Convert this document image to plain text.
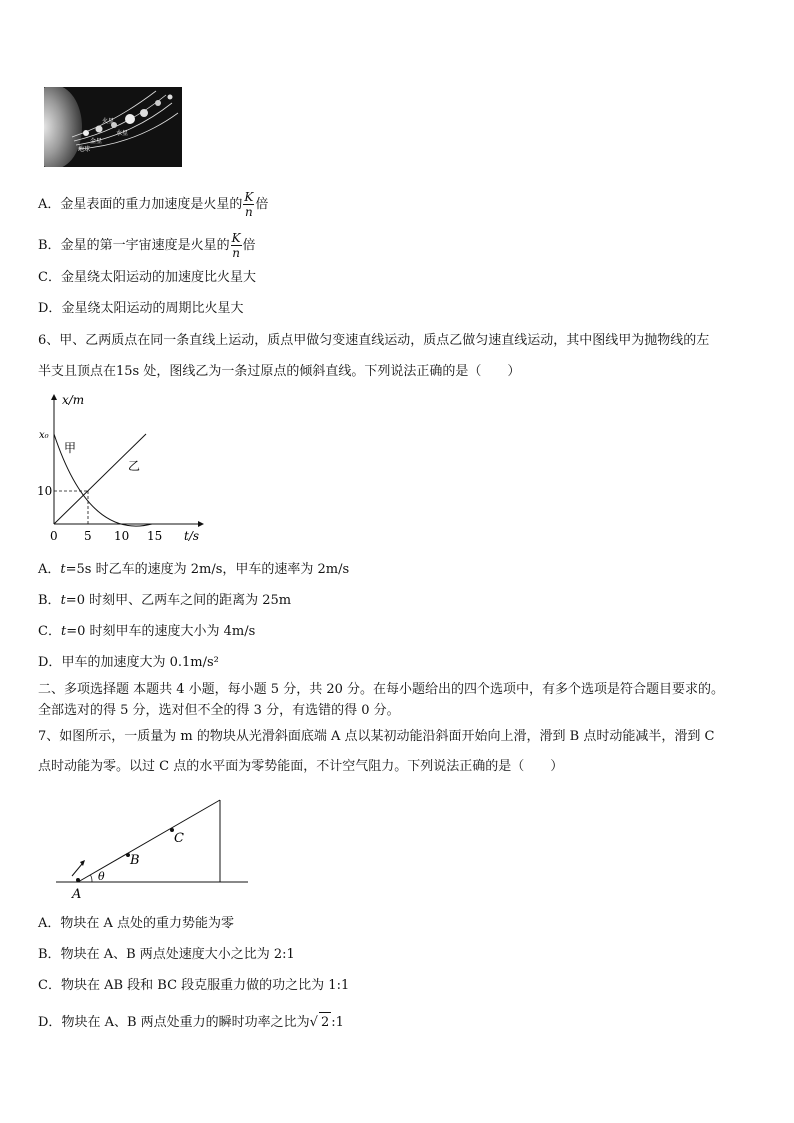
金星
火星
地球
水星
A．金星表面的重力加速度是火星的 $\frac{K}{n}$ 倍
B．金星的第一宇宙速度是火星的 $\frac{K}{n}$ 倍
C．金星绕太阳运动的加速度比火星大
D．金星绕太阳运动的周期比火星大
6、甲、乙两质点在同一条直线上运动，质点甲做匀变速直线运动，质点乙做匀速直线运动，其中图线甲为抛物线的左
半支且顶点在15s 处，图线乙为一条过原点的倾斜直线。下列说法正确的是（　　）
x/m
t/s
x₀
10
0 5 10 15
甲
乙
A．t=5s 时乙车的速度为 2m/s，甲车的速率为 2m/s
B．t=0 时刻甲、乙两车之间的距离为 25m
C．t=0 时刻甲车的速度大小为 4m/s
D．甲车的加速度大为 0.1m/s²
二、多项选择题 本题共 4 小题，每小题 5 分，共 20 分。在每小题给出的四个选项中，有多个选项是符合题目要求的。
全部选对的得 5 分，选对但不全的得 3 分，有选错的得 0 分。
7、如图所示，一质量为 m 的物块从光滑斜面底端 A 点以某初动能沿斜面开始向上滑，滑到 B 点时动能减半，滑到 C
点时动能为零。以过 C 点的水平面为零势能面，不计空气阻力。下列说法正确的是（　　）
A
B
C
θ
A．物块在 A 点处的重力势能为零
B．物块在 A、B 两点处速度大小之比为 2:1
C．物块在 AB 段和 BC 段克服重力做的功之比为 1:1
D．物块在 A、B 两点处重力的瞬时功率之比为√ 2 :1
